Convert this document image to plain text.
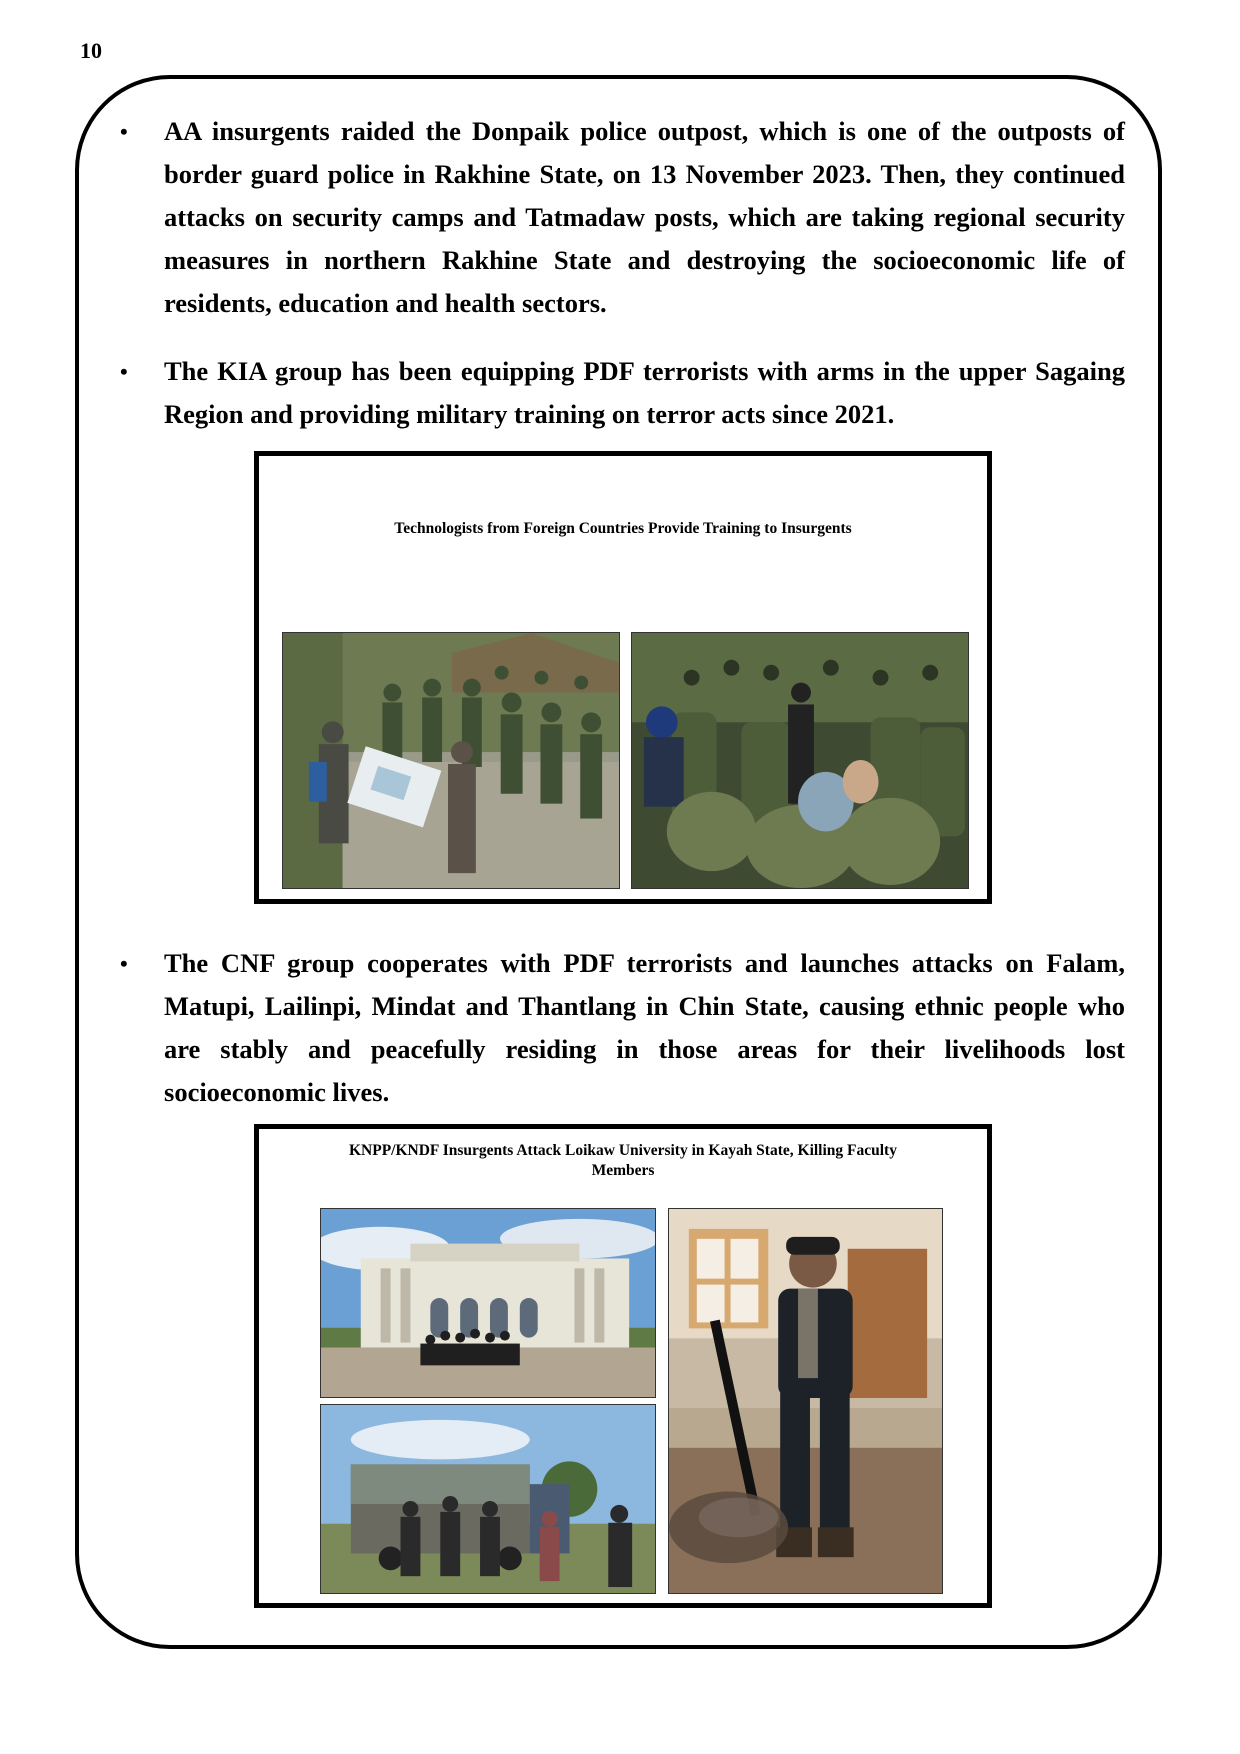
10
• AA insurgents raided the Donpaik police outpost, which is one of the outposts of border guard police in Rakhine State, on 13 November 2023. Then, they continued attacks on security camps and Tatmadaw posts, which are taking regional security measures in northern Rakhine State and destroying the socioeconomic life of residents, education and health sectors.
• The KIA group has been equipping PDF terrorists with arms in the upper Sagaing Region and providing military training on terror acts since 2021.
Technologists from Foreign Countries Provide Training to Insurgents
• The CNF group cooperates with PDF terrorists and launches attacks on Falam, Matupi, Lailinpi, Mindat and Thantlang in Chin State, causing ethnic people who are stably and peacefully residing in those areas for their livelihoods lost socioeconomic lives.
KNPP/KNDF Insurgents Attack Loikaw University in Kayah State, Killing Faculty Members
